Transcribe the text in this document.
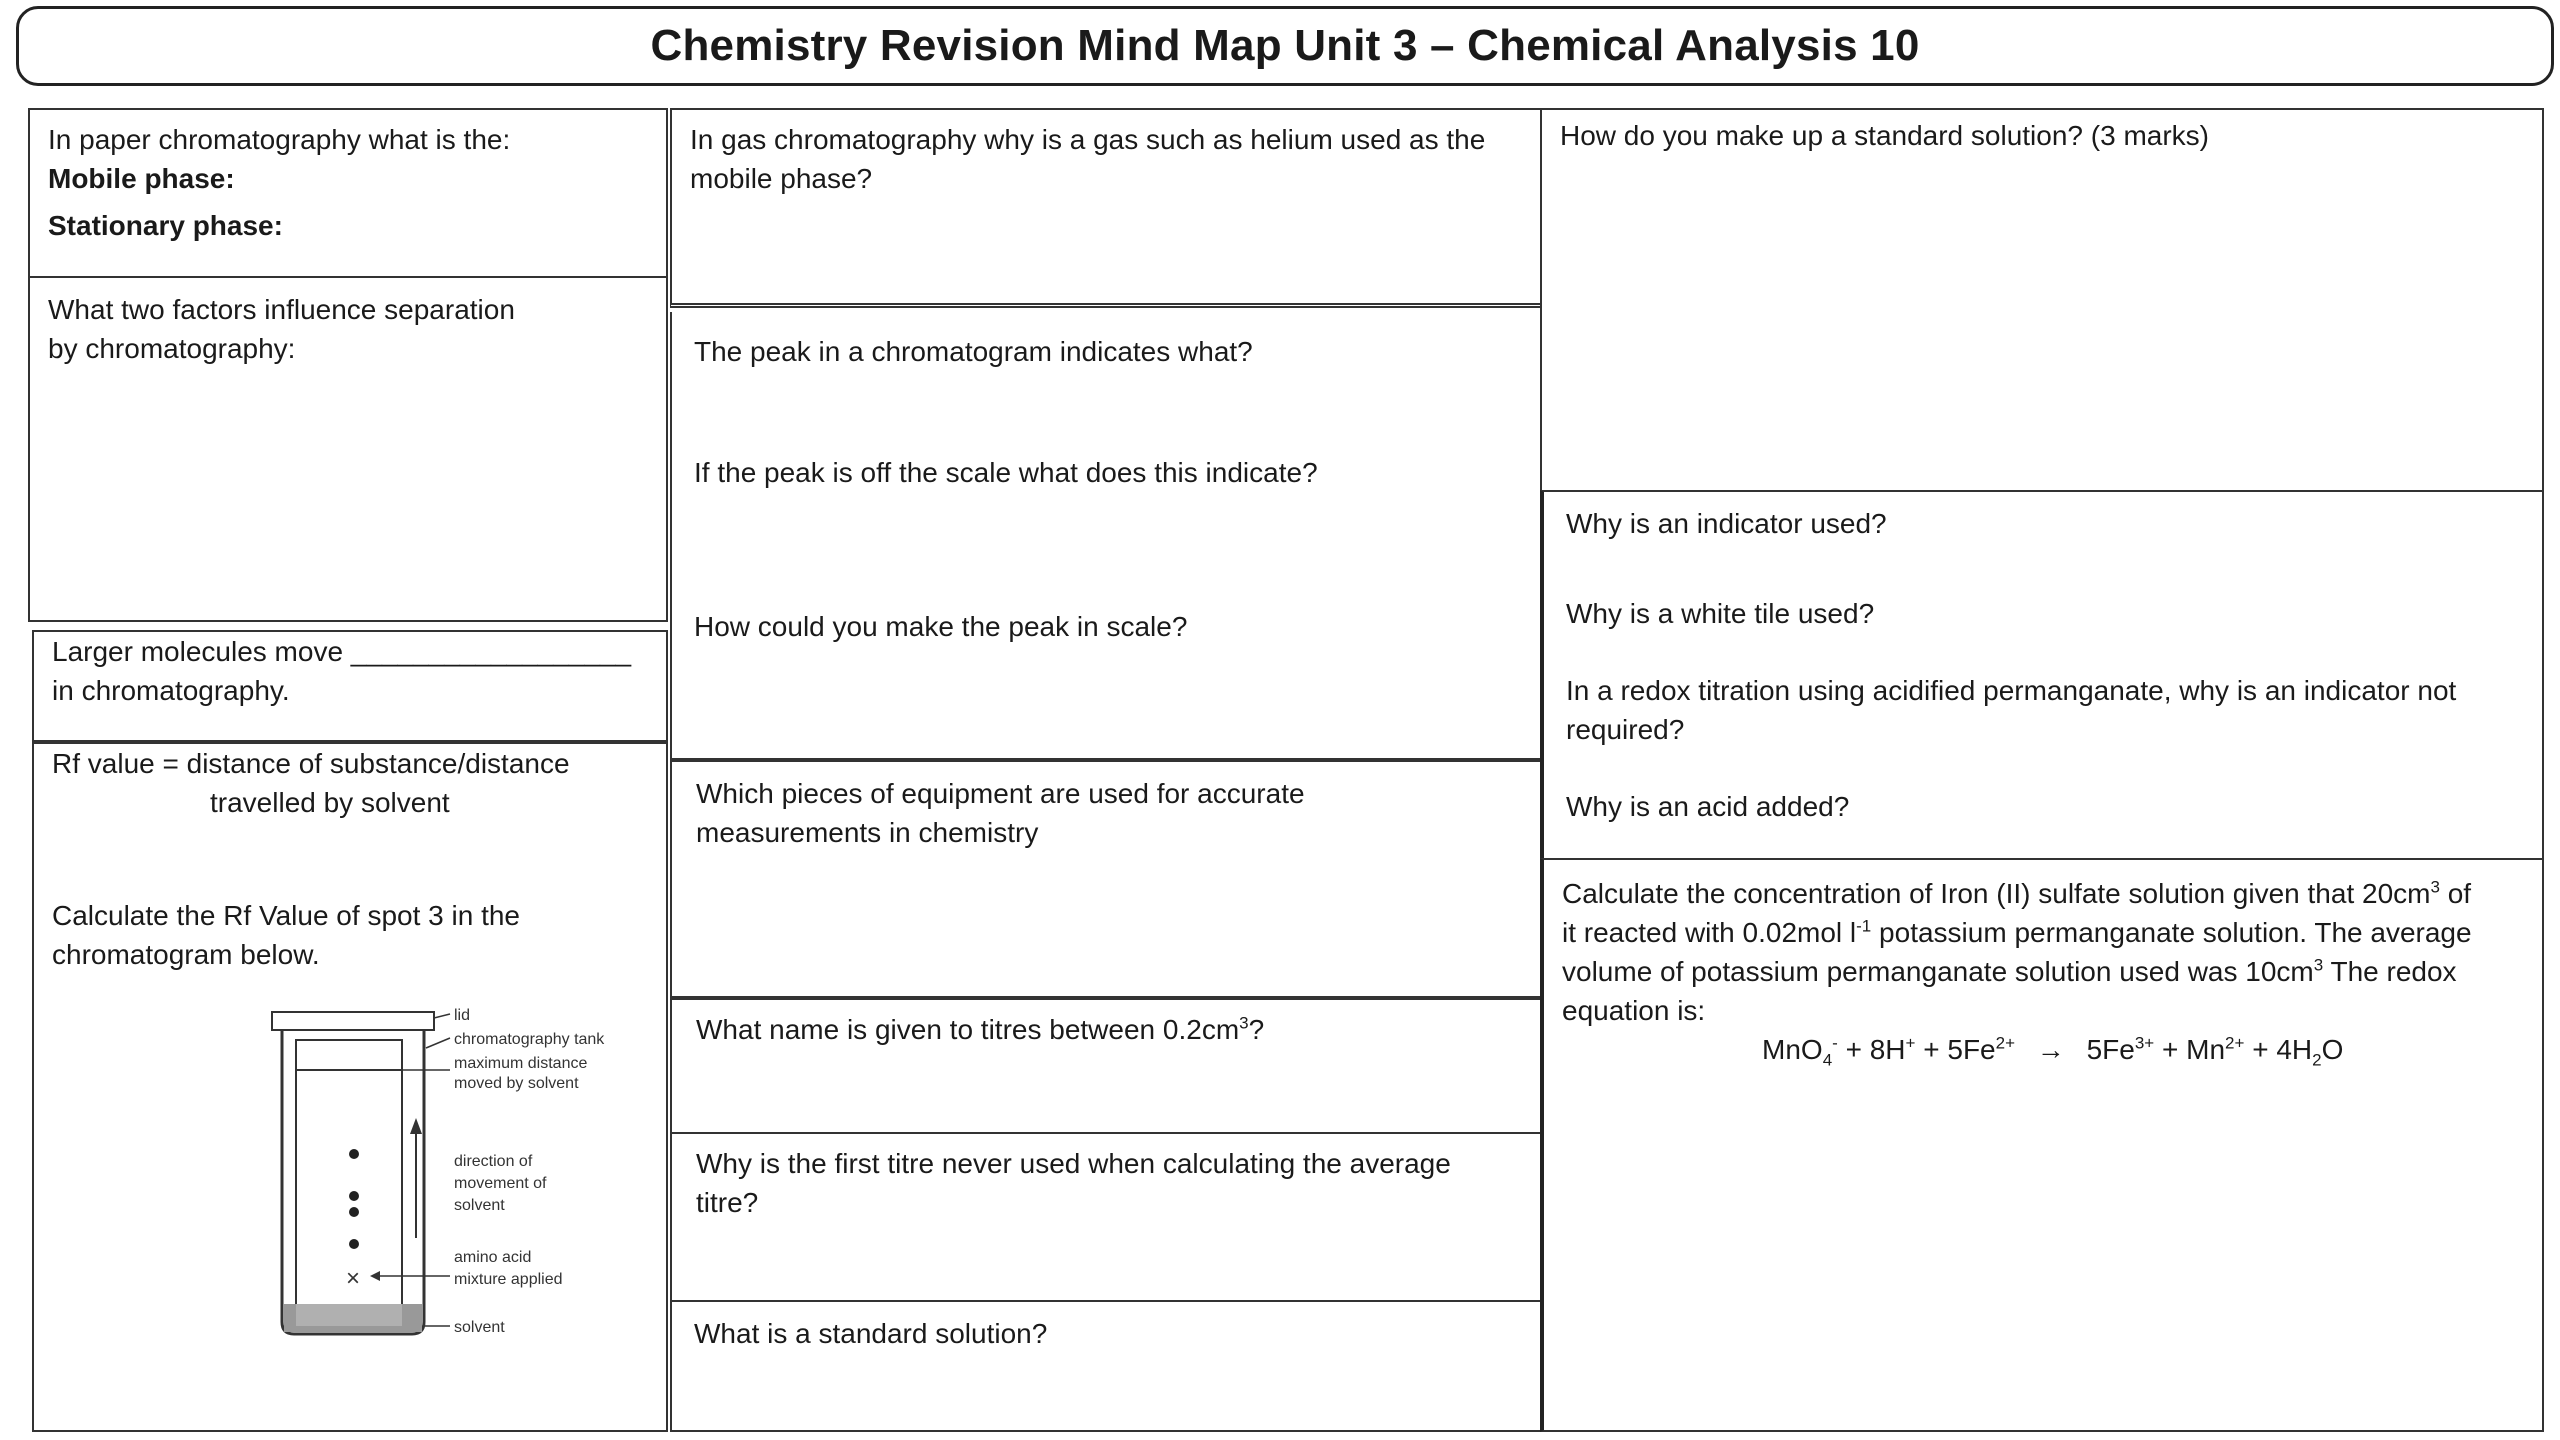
Chemistry Revision Mind Map Unit 3 – Chemical Analysis 10

In paper chromatography what is the:

Mobile phase:

Stationary phase:

What two factors influence separation

by chromatography:

Larger molecules move __________________

in chromatography.

Rf value = distance of substance/distance

travelled by solvent

Calculate the Rf Value of spot 3 in the

chromatogram below.

×
lid
chromatography tank
maximum distance
moved by solvent
direction of
movement of
solvent
amino acid
mixture applied
solvent

In gas chromatography why is a gas such as helium used as the

mobile phase?

The peak in a chromatogram indicates what?

If the peak is off the scale what does this indicate?

How could you make the peak in scale?

Which pieces of equipment are used for accurate

measurements in chemistry

What name is given to titres between $0.2cm^3$?

Why is the first titre never used when calculating the average

titre?

What is a standard solution?

How do you make up a standard solution? (3 marks)

Why is an indicator used?

Why is a white tile used?

In a redox titration using acidified permanganate, why is an indicator not

required?

Why is an acid added?

Calculate the concentration of Iron (II) sulfate solution given that $20cm^3$ of

it reacted with 0.02mol $l^{-1}$ potassium permanganate solution. The average

volume of potassium permanganate solution used was $10cm^3$ The redox

equation is:

$MnO_4^- + 8H^+ + 5Fe^{2+} \to 5Fe^{3+} + Mn^{2+} + 4H_2O$
